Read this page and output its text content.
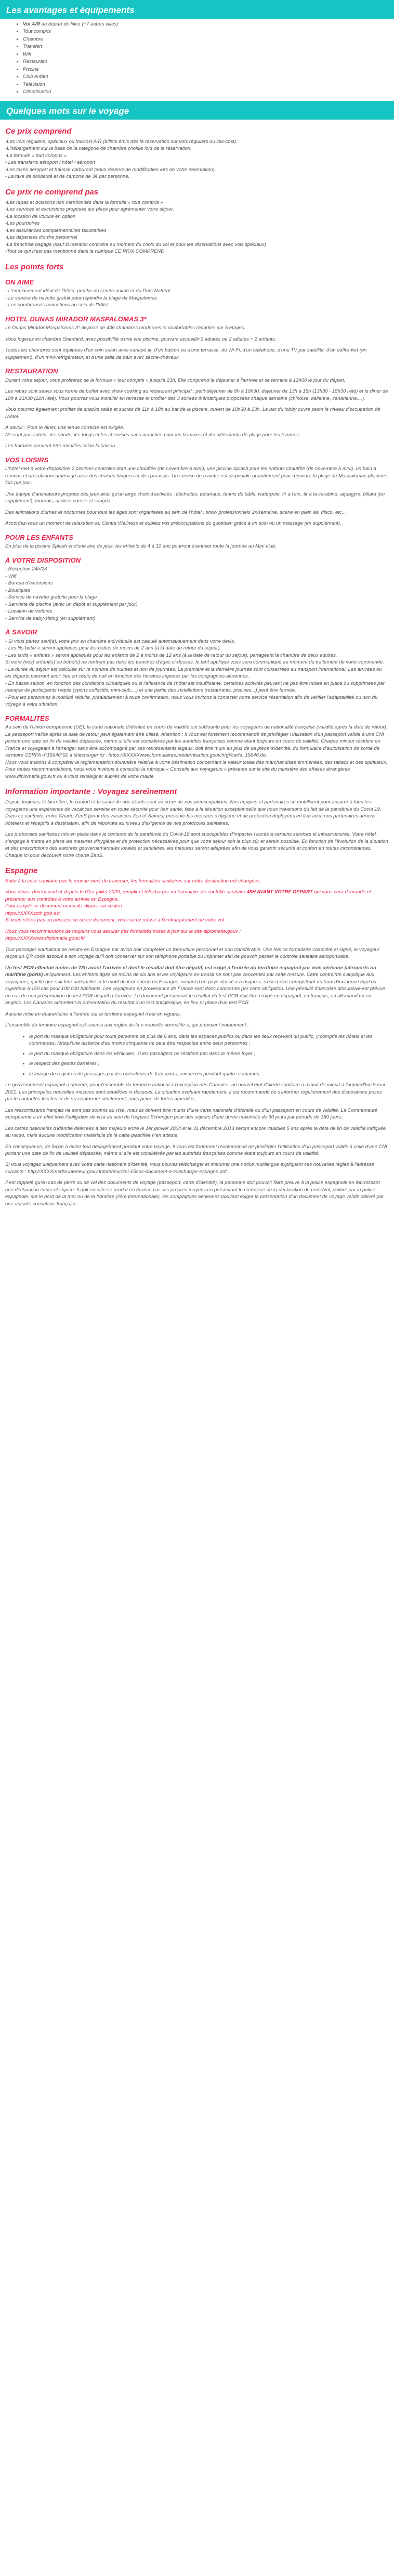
Les avantages et équipements
• Vol A/R au départ de Nice (+7 autres villes)
• Tout compris
• Chambre
• Transfert
• Wifi
• Restaurant
• Piscine
• Club enfant
• Télévision
• Climatisation
Quelques mots sur le voyage
Ce prix comprend

-Les vols réguliers, spéciaux ou lowcost A/R (billets émis dès la réservation sur vols réguliers ou low-cost).

-L'hébergement sur la base de la catégorie de chambre choisie lors de la réservation.

-La formule « tout compris »

- Les transferts aéroport / hôtel / aéroport

-Les taxes aéroport et hausse carburant (sous réserve de modification lors de votre réservation).

- La taxe de solidarité et de carbone de 3€ par personne.

Ce prix ne comprend pas

-Les repas et boissons non mentionnés dans la formule « tout compris »

-Les services et excursions proposés sur place pour agrémenter votre séjour.

-La location de voiture en option

-Les pourboires

-Les assurances complémentaires facultatives

-Les dépenses d'ordre personnel

-La franchise bagage (sauf si mention contraire au moment du choix du vol et pour les réservations avec vols spéciaux)

-Tout ce qui n'est pas mentionné dans la rubrique CE PRIX COMPREND

Les points forts
ON AIME

- L'emplacement idéal de l'hôtel, proche du centre animé et du Parc Natural

- Le service de navette gratuit pour rejoindre la plage de Maspalomas

- Les nombreuses animations au sein de l'hôtel

HOTEL DUNAS MIRADOR MASPALOMAS 3*

Le Dunas Mirador Maspalomas 3* dispose de 436 chambres modernes et confortables réparties sur 5 étages.

Vous logerez en chambre Standard, avec possibilité d'une vue piscine, pouvant accueillir 3 adultes ou 2 adultes + 2 enfants.

Toutes les chambres sont équipées d'un coin salon avec canapé-lit, d'un balcon ou d'une terrasse, du Wi-Fi, d'un téléphone, d'une TV par satellite, d'un coffre-fort (en supplément), d'un mini-réfrigérateur, et d'une salle de bain avec sèche-cheveux.

RESTAURATION

Durant votre séjour, vous profiterez de la formule « tout compris » jusqu'à 23h. Elle comprend le déjeuner à l'arrivée et se termine à 12h00 le jour du départ.

Les repas sont servis sous forme de buffet avec show cooking au restaurant principal : petit-déjeuner de 8h à 10h30, déjeuner de 13h à 15h (13h30 - 15h30 l'été) et le dîner de 18h à 21h30 (22h l'été). Vous pourrez vous installer en terrasse et profiter des 3 soirées thématiques proposées chaque semaine (chinoise, italienne, canarienne,...).

Vous pourrez également profiter de snacks salés et sucrés de 11h à 18h au bar de la piscine, ouvert de 10h30 à 23h. Le bar du lobby ouvre selon le niveau d'occupation de l'hôtel.

À savoir : Pour le dîner, une tenue correcte est exigée.

Ne sont pas admis : les shorts, les tongs et les chemises sans manches pour les hommes et des vêtements de plage pour les femmes.

Les horaires peuvent être modifiés selon la saison.

VOS LOISIRS

L'hôtel met à votre disposition 2 piscines centrales dont une chauffée (de novembre à avril), une piscine Splash pour les enfants chauffée (de novembre à avril), un bain à remous et un solarium aménagé avec des chaises longues et des parasols. Un service de navette est disponible gratuitement pour rejoindre la plage de Maspalomas plusieurs fois par jour.

Une équipe d'animateurs propose des jeux ainsi qu'un large choix d'activités : fléchettes, pétanque, tennis de table, waterpolo, tir à l'arc, tir à la carabine, aquagym, billard (en supplément), tournois, ateliers poésie et sangria.

Des animations diurnes et nocturnes pour tous les âges sont organisées au sein de l'hôtel : show professionnels 2x/semaine, scène en plein air, disco, etc...

Accordez-vous un moment de relaxation au Centre Wellness et oubliez vos préoccupations du quotidien grâce à un soin ou un massage (en supplément).

POUR LES ENFANTS

En plus de la piscine Splash et d'une aire de jeux, les enfants de 4 à 12 ans pourront s'amuser toute la journée au Mini-club.

À VOTRE DISPOSITION

- Réception 24h/24

- Wifi

- Bureau d'excursions

- Boutiques

- Service de navette gratuite pour la plage

- Serviette de piscine (avec un dépôt et supplément par jour)

- Location de voitures

- Service de baby-sitting (en supplément)

À SAVOIR

- Si vous partez seul(e), votre prix en chambre individuelle est calculé automatiquement dans votre devis.

- Les lits bébé « seront appliqués pour les bébés de moins de 2 ans (à la date de retour du séjour).

- Les tarifs « enfants » seront appliqués pour les enfants de 2 à moins de 12 ans (à la date de retour du séjour), partageant la chambre de deux adultes.

Si votre (vos) enfant(s) ou bébé(s) ne rentrent pas dans les tranches d'âges ci-dessus, le tarif appliqué vous sera communiqué au moment du traitement de votre commande.

- La durée du séjour est calculée sur le nombre de nuitées et non de journées. La première et la dernière journée sont consacrées au transport international. Les arrivées ou les départs pourront avoir lieu en cours de nuit en fonction des horaires imposés par les compagnies aériennes.

- En basse saison, en fonction des conditions climatiques ou si l'affluence de l'hôtel est insuffisante, certaines activités peuvent ne pas être mises en place ou supprimées par manque de participants requis (sports collectifs, mini-club,...) et une partie des installations (restaurants, piscines...) peut être fermée.

- Pour les personnes à mobilité réduite, préalablement à toute confirmation, nous vous invitons à contacter notre service réservation afin de vérifier l'adaptabilité ou non du voyage à votre situation.

FORMALITÉS

Au sein de l'Union européenne (UE), la carte nationale d'identité en cours de validité est suffisante pour les voyageurs de nationalité française (validité après la date de retour). Le passeport valide après la date de retour peut également être utilisé. Attention : Il vous est fortement recommandé de privilégier l'utilisation d'un passeport valide à une CNI portant une date de fin de validité dépassée, même si elle est considérée par les autorités françaises comme étant toujours en cours de validité. Chaque mineur résident en France et voyageant à l'étranger sans être accompagné par ses représentants légaux, doit être muni en plus de sa pièce d'identité, du formulaire d'autorisation de sortie de territoire CERFA n°15646*01 à télécharger ici : https://XXXXXwww.formulaires.modernisation.gouv.fr/gf/cerfa_15646.do.

Nous vous invitons à compléter la réglementation douanière relative à votre destination concernant la valeur totale des marchandises emmenées, des tabacs et des spiritueux.

Pour toutes recommandations, nous vous invitons à consulter la rubrique « Conseils aux voyageurs » présente sur le site du ministère des affaires étrangères www.diplomatie.gouv.fr ou à vous renseigner auprès de votre mairie.

Information importante : Voyagez sereinement

Depuis toujours, le bien-être, le confort et la santé de nos clients sont au cœur de nos préoccupations. Nos équipes et partenaires se mobilisent pour assurer à tous les voyageurs une expérience de vacances sereine en toute sécurité pour leur santé, face à la situation exceptionnelle que nous traversons du fait de la pandémie du Covid 19. Dans ce contexte, notre Charte ZenS (pour des vacances Zen et Saines) présente les mesures d'hygiène et de protection déployées en lien avec nos partenaires aériens, hôteliers et réceptifs à destination, afin de répondre au niveau d'exigence de nos protocoles sanitaires.

Les protocoles sanitaires mis en place dans le contexte de la pandémie du Covid-19 sont susceptibles d'impacter l'accès à certains services et infrastructures. Votre hôtel s'engage à mettre en place les mesures d'hygiène et de protection nécessaires pour que votre séjour soit le plus sûr et serein possible. En fonction de l'évolution de la situation et des prescriptions des autorités gouvernementales locales et sanitaires, les mesures seront adaptées afin de vous garantir sécurité et confort en toutes circonstances.

Chaque ici pour découvrir notre charte ZenS.

Espagne

Suite à la crise sanitaire que le monde vient de traverser, les formalités sanitaires sur notre destination ont changées.

Vous devez dorénavant et depuis le 01er juillet 2020, remplir et télécharger un formulaire de contrôle sanitaire 48H AVANT VOTRE DEPART qui vous sera demandé et présenter aux contrôles à votre arrivée en Espagne.

Pour remplir ce document merci de cliquer sur ce lien :

https://XXXXspth.gob.es/

Si vous n'êtes pas en possession de ce document, vous serez refusé à l'embarquement de votre vol.

Nous vous recommandons de toujours vous assurer des formalités mises à jour sur le site diplomatie.gouv :

https://XXXXwww.diplomatie.gouv.fr/

Tout passager souhaitant se rendre en Espagne par avion doit compléter un formulaire personnel et non transférable. Une fois ce formulaire complété et signé, le voyageur reçoit un QR code associé à son voyage qu'il doit conserver sur son téléphone portable ou imprimer afin de pouvoir passer le contrôle sanitaire aéroportuaire.

Un test PCR effectué moins de 72h avant l'arrivée et dont le résultat doit être négatif, est exigé à l'entrée du territoire espagnol par voie aérienne (aéroports ou maritime (ports) uniquement. Les enfants âgés de moins de six ans et les voyageurs en transit ne sont pas concernés par cette mesure. Cette contrainte s'applique aux voyageurs, quelle que soit leur nationalité et le motif de leur entrée en Espagne, venant d'un pays classé « à risque », c'est-à-dire enregistrant un taux d'incidence égal ou supérieur à 150 cas pour 100 000 habitants. Les voyageurs en provenance de France sont donc concernés par cette obligation. Une pénalité financière dissuasive est prévue en cas de non présentation de test PCR négatif à l'arrivée. Le document présentant le résultat du test PCR doit être rédigé en espagnol, en français, en allemand ou en anglais. Les Canaries admettent la présentation du résultat d'un test antigénique, en lieu et place d'un test PCR.

Aucune mise en quarantaine à l'entrée sur le territoire espagnol n'est en vigueur.

L'ensemble du territoire espagnol est soumis aux règles de la « nouvelle normalité », qui prévoient notamment :

• le port du masque obligatoire pour toute personne de plus de 6 ans, dans les espaces publics ou dans les lieux recevant du public, y compris les hôtels et les commerces, lorsqu'une distance d'au moins cinquante ne peut être respectée entre deux personnes ;
• le port du masque obligatoire dans les véhicules, si les passagers ne résident pas dans le même foyer ;
• le respect des gestes barrières ;
• le lavage de registres de passages par les opérateurs de transports, conservés pendant quatre semaines.

Le gouvernement espagnol a décrété, pour l'ensemble du territoire national à l'exception des Canaries, un nouvel état d'alerte sanitaire à minuit de minuit à l'aujourd'hui 9 mai 2021. Les principales nouvelles mesures sont détaillées ci-dessous. La situation évoluant rapidement, il est recommandé de s'informer régulièrement des dispositions prises par les autorités locales et de s'y conformer strictement, sous peine de fortes amendes.

Les ressortissants français ne sont pas soumis au visa, mais ils doivent être munis d'une carte nationale d'identité ou d'un passeport en cours de validité. La Communauté européenne a en effet levé l'obligation de visa au sein de l'espace Schengen pour des séjours d'une durée maximale de 90 jours par période de 180 jours.

Les cartes nationales d'identité délivrées à des majeurs entre le 1er janvier 2004 et le 31 décembre 2013 seront encore valables 5 ans après la date de fin de validité indiquée au verso, mais aucune modification matérielle de la carte plastifiée n'en atteste.

En conséquence, de façon à éviter tout désagrément pendant votre voyage, il vous est fortement recommandé de privilégier l'utilisation d'un passeport valide à celle d'une CNI portant une date de fin de validité dépassée, même si elle est considérée par les autorités françaises comme étant toujours en cours de validité.

Si vous voyagez uniquement avec votre carte nationale d'identité, vous pouvez télécharger et imprimer une notice multilingue expliquant ces nouvelles règles à l'adresse suivante : http://XXXXmedia.interieur.gouv.fr/interieur/cni-15ans-document-a-telecharger-espagne.pdf.

Il est rappelé qu'en cas de perte ou de vol des documents de voyage (passeport, carte d'identité), la personne doit pouvoir faire preuve à la police espagnole en fournissant une déclaration écrite et signée. Il doit ensuite se rendre en France par ses propres moyens en présentant le récépissé de la déclaration de perte/vol, délivré par la police espagnole, sur le bord de la mer ou de la frontière (l'ère Internationale), les compagnies aériennes pouvant exiger la présentation d'un document de voyage valide délivré par une autorité consulaire française.
